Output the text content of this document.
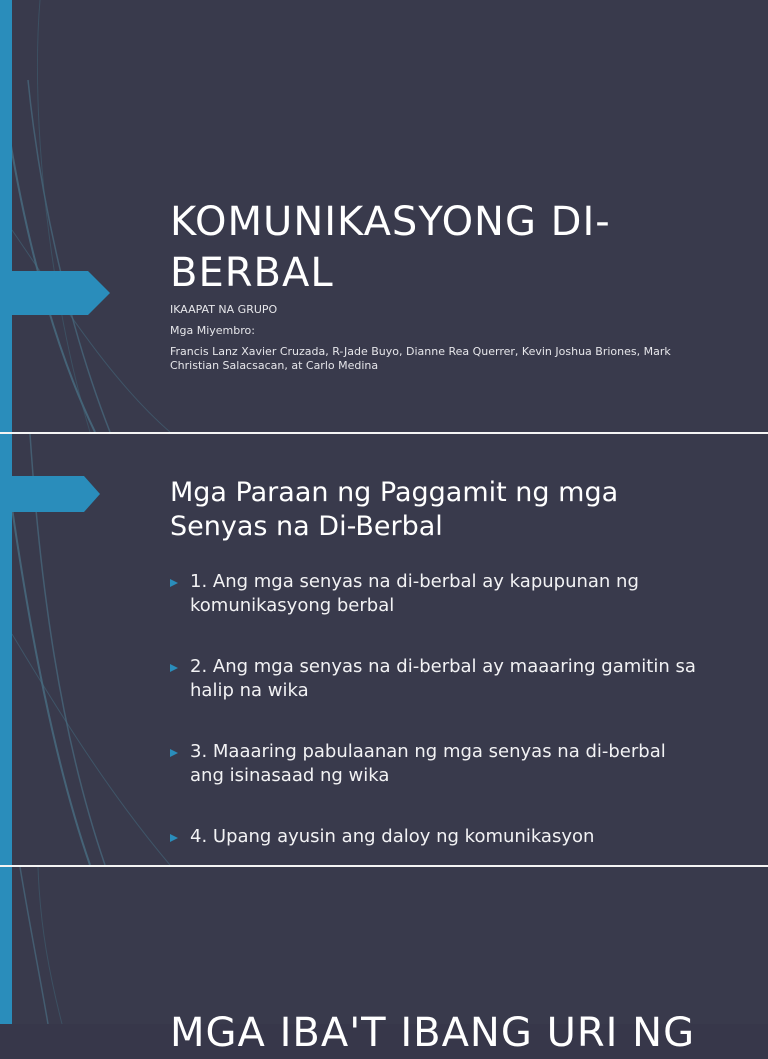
KOMUNIKASYONG DI-BERBAL

IKAAPAT NA GRUPO

Mga Miyembro:

Francis Lanz Xavier Cruzada, R-Jade Buyo, Dianne Rea Querrer, Kevin Joshua Briones, Mark

Christian Salacsacan, at Carlo Medina

Mga Paraan ng Paggamit ng mga
Senyas na Di-Berbal
1. Ang mga senyas na di-berbal ay kapupunan ng
komunikasyong berbal
2. Ang mga senyas na di-berbal ay maaaring gamitin sa
halip na wika
3. Maaaring pabulaanan ng mga senyas na di-berbal
ang isinasaad ng wika
4. Upang ayusin ang daloy ng komunikasyon
MGA IBA'T IBANG URI NG
